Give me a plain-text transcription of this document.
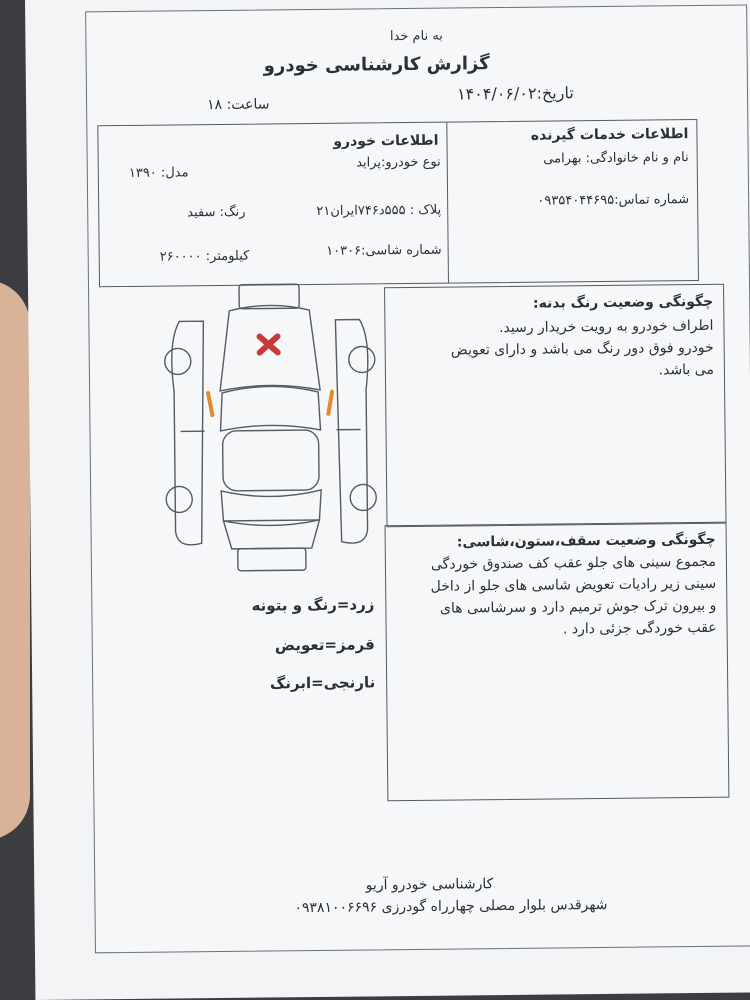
به نام خدا
گزارش کارشناسی خودرو
تاریخ:۱۴۰۴/۰۶/۰۲
ساعت: ۱۸
اطلاعات خدمات گیرنده
نام و نام خانوادگی: بهرامی
شماره تماس:۰۹۳۵۴۰۴۴۶۹۵
اطلاعات خودرو
نوع خودرو:پراید
مدل: ۱۳۹۰
پلاک : ۵۵۵د۷۴۶ایران۲۱
رنگ: سفید
شماره شاسی:۱۰۳۰۶
کیلومتر: ۲۶۰۰۰۰
چگونگی وضعیت رنگ بدنه:
اطراف خودرو به رویت خریدار رسید.
خودرو فوق دور رنگ می باشد و دارای تعویض
می باشد.
چگونگی وضعیت سقف،ستون،شاسی:
مجموع سینی های جلو عقب کف صندوق خوردگی
سینی زیر رادیات تعویض شاسی های جلو از داخل
و بیرون ترک جوش ترمیم دارد و سرشاسی های
عقب خوردگی جزئی دارد .
زرد=رنگ و بتونه
قرمز=تعویض
نارنجی=ابرنگ
کارشناسی خودرو آریو
شهرقدس بلوار مصلی چهارراه گودرزی ۰۹۳۸۱۰۰۶۶۹۶
